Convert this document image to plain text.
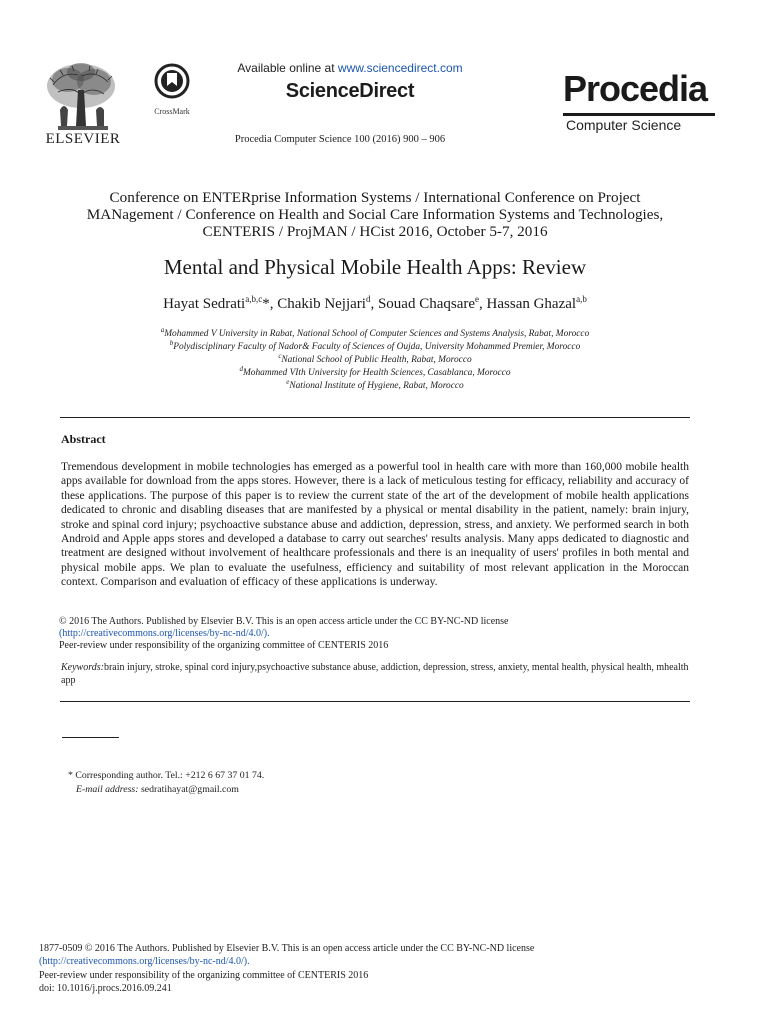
ELSEVIER
CrossMark
Available online at www.sciencedirect.com
ScienceDirect
Procedia Computer Science 100 (2016) 900 – 906
Procedia
Computer Science
Conference on ENTERprise Information Systems / International Conference on Project
MANagement / Conference on Health and Social Care Information Systems and Technologies,
CENTERIS / ProjMAN / HCist 2016, October 5-7, 2016
Mental and Physical Mobile Health Apps: Review
Hayat Sedrati$^{a,b,c}$*, Chakib Nejjari$^d$, Souad Chaqsare$^e$, Hassan Ghazal$^{a,b}$
$^a$Mohammed V University in Rabat, National School of Computer Sciences and Systems Analysis, Rabat, Morocco
$^b$Polydisciplinary Faculty of Nador& Faculty of Sciences of Oujda, University Mohammed Premier, Morocco
$^c$National School of Public Health, Rabat, Morocco
$^d$Mohammed VIth University for Health Sciences, Casablanca, Morocco
$^e$National Institute of Hygiene, Rabat, Morocco
Abstract
Tremendous development in mobile technologies has emerged as a powerful tool in health care with more than 160,000 mobile health apps available for download from the apps stores. However, there is a lack of meticulous testing for efficacy, reliability and accuracy of these applications. The purpose of this paper is to review the current state of the art of the development of mobile health applications dedicated to chronic and disabling diseases that are manifested by a physical or mental disability in the patient, namely: brain injury, stroke and spinal cord injury; psychoactive substance abuse and addiction, depression, stress, and anxiety. We performed search in both Android and Apple apps stores and developed a database to carry out searches' results analysis. Many apps dedicated to diagnostic and treatment are designed without involvement of healthcare professionals and there is an inequality of users' profiles in both mental and physical mobile apps. We plan to evaluate the usefulness, efficiency and suitability of most relevant application in the Moroccan context. Comparison and evaluation of efficacy of these applications is underway.
© 2016 The Authors. Published by Elsevier B.V. This is an open access article under the CC BY-NC-ND license
(http://creativecommons.org/licenses/by-nc-nd/4.0/).
Peer-review under responsibility of the organizing committee of CENTERIS 2016
Keywords:brain injury, stroke, spinal cord injury,psychoactive substance abuse, addiction, depression, stress, anxiety, mental health, physical health, mhealth app
* Corresponding author. Tel.: +212 6 67 37 01 74.
E-mail address: sedratihayat@gmail.com
1877-0509 © 2016 The Authors. Published by Elsevier B.V. This is an open access article under the CC BY-NC-ND license
(http://creativecommons.org/licenses/by-nc-nd/4.0/).
Peer-review under responsibility of the organizing committee of CENTERIS 2016
doi: 10.1016/j.procs.2016.09.241
